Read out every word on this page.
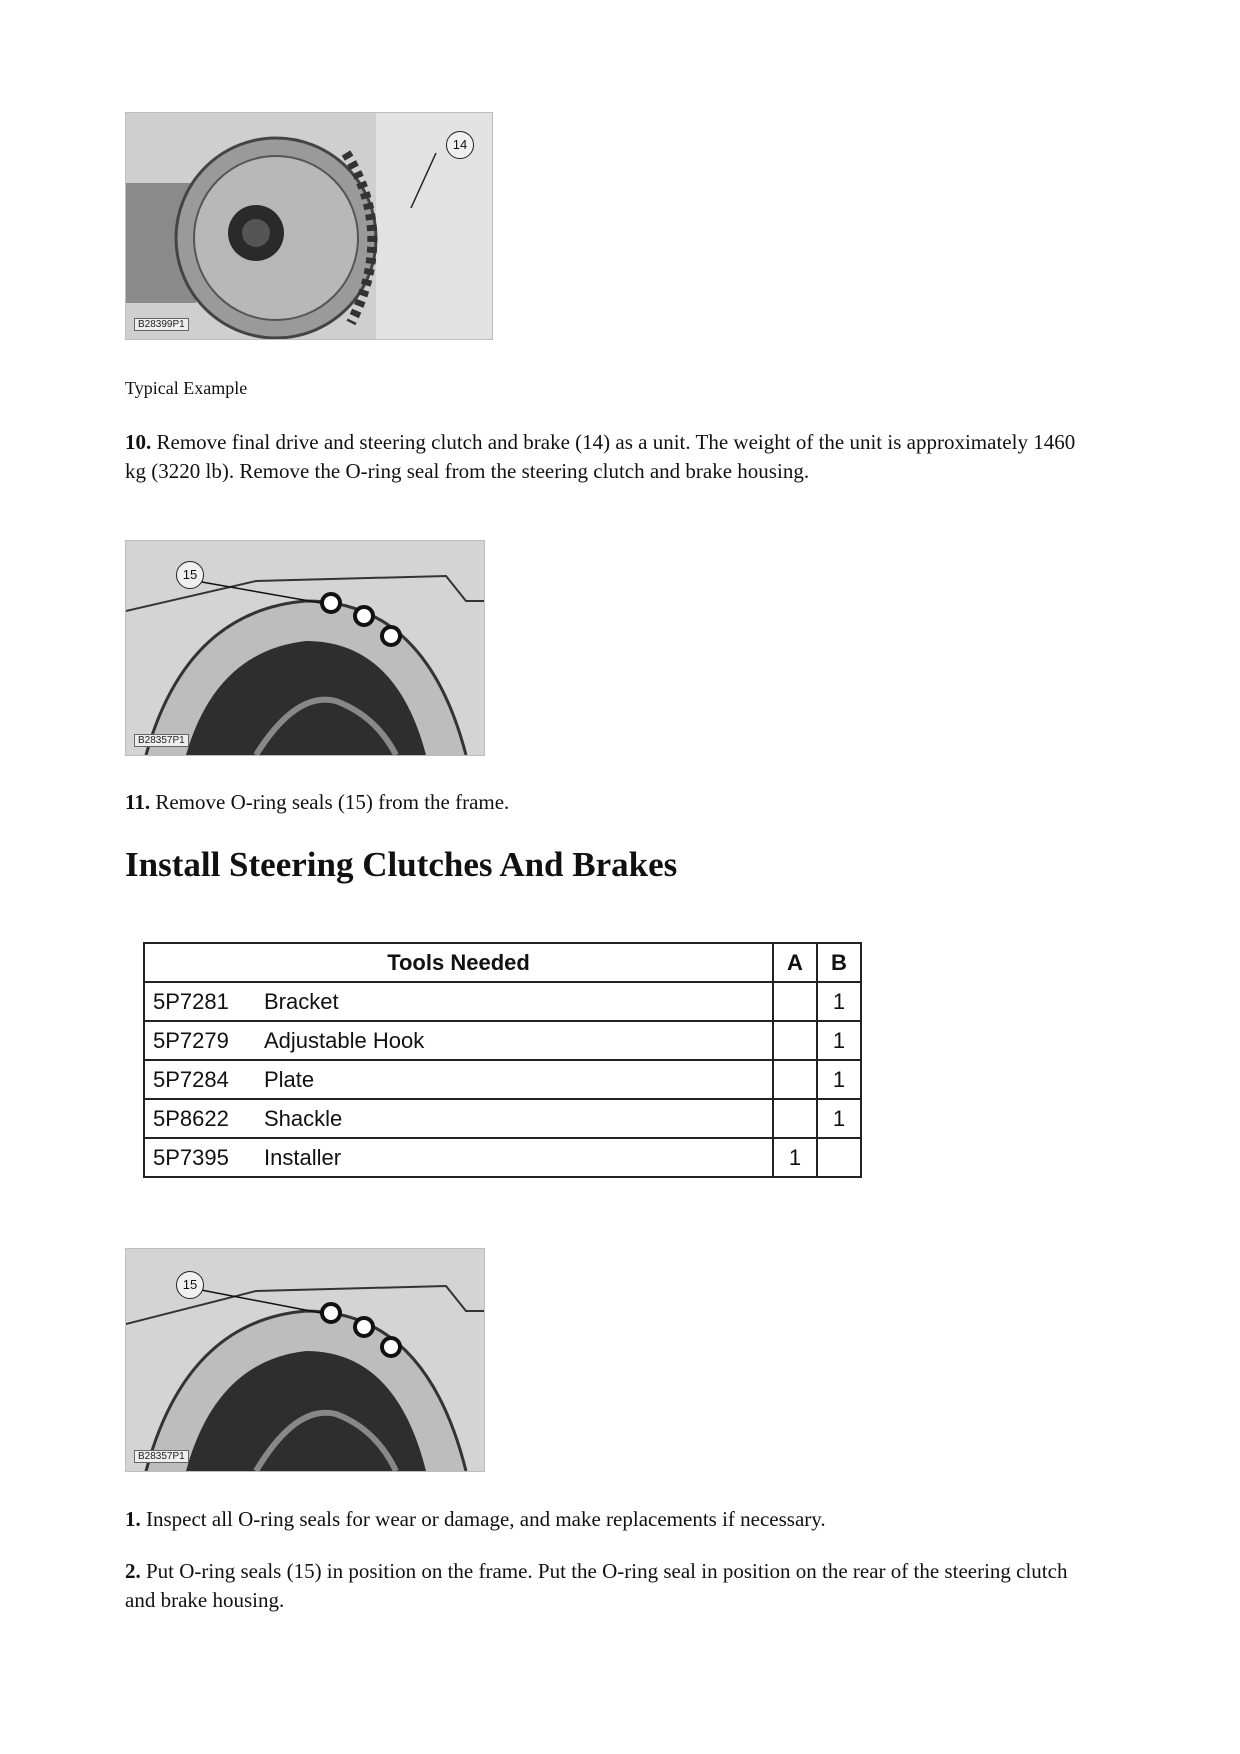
14
B28399P1

Typical Example

10. Remove final drive and steering clutch and brake (14) as a unit. The weight of the unit is approximately 1460 kg (3220 lb). Remove the O-ring seal from the steering clutch and brake housing.

15
B28357P1

11. Remove O-ring seals (15) from the frame.

Install Steering Clutches And Brakes
Tools Needed		A	B
5P7281	Bracket		1
5P7279	Adjustable Hook		1
5P7284	Plate		1
5P8622	Shackle		1
5P7395	Installer	1	
15
B28357P1

1. Inspect all O-ring seals for wear or damage, and make replacements if necessary.

2. Put O-ring seals (15) in position on the frame. Put the O-ring seal in position on the rear of the steering clutch and brake housing.
